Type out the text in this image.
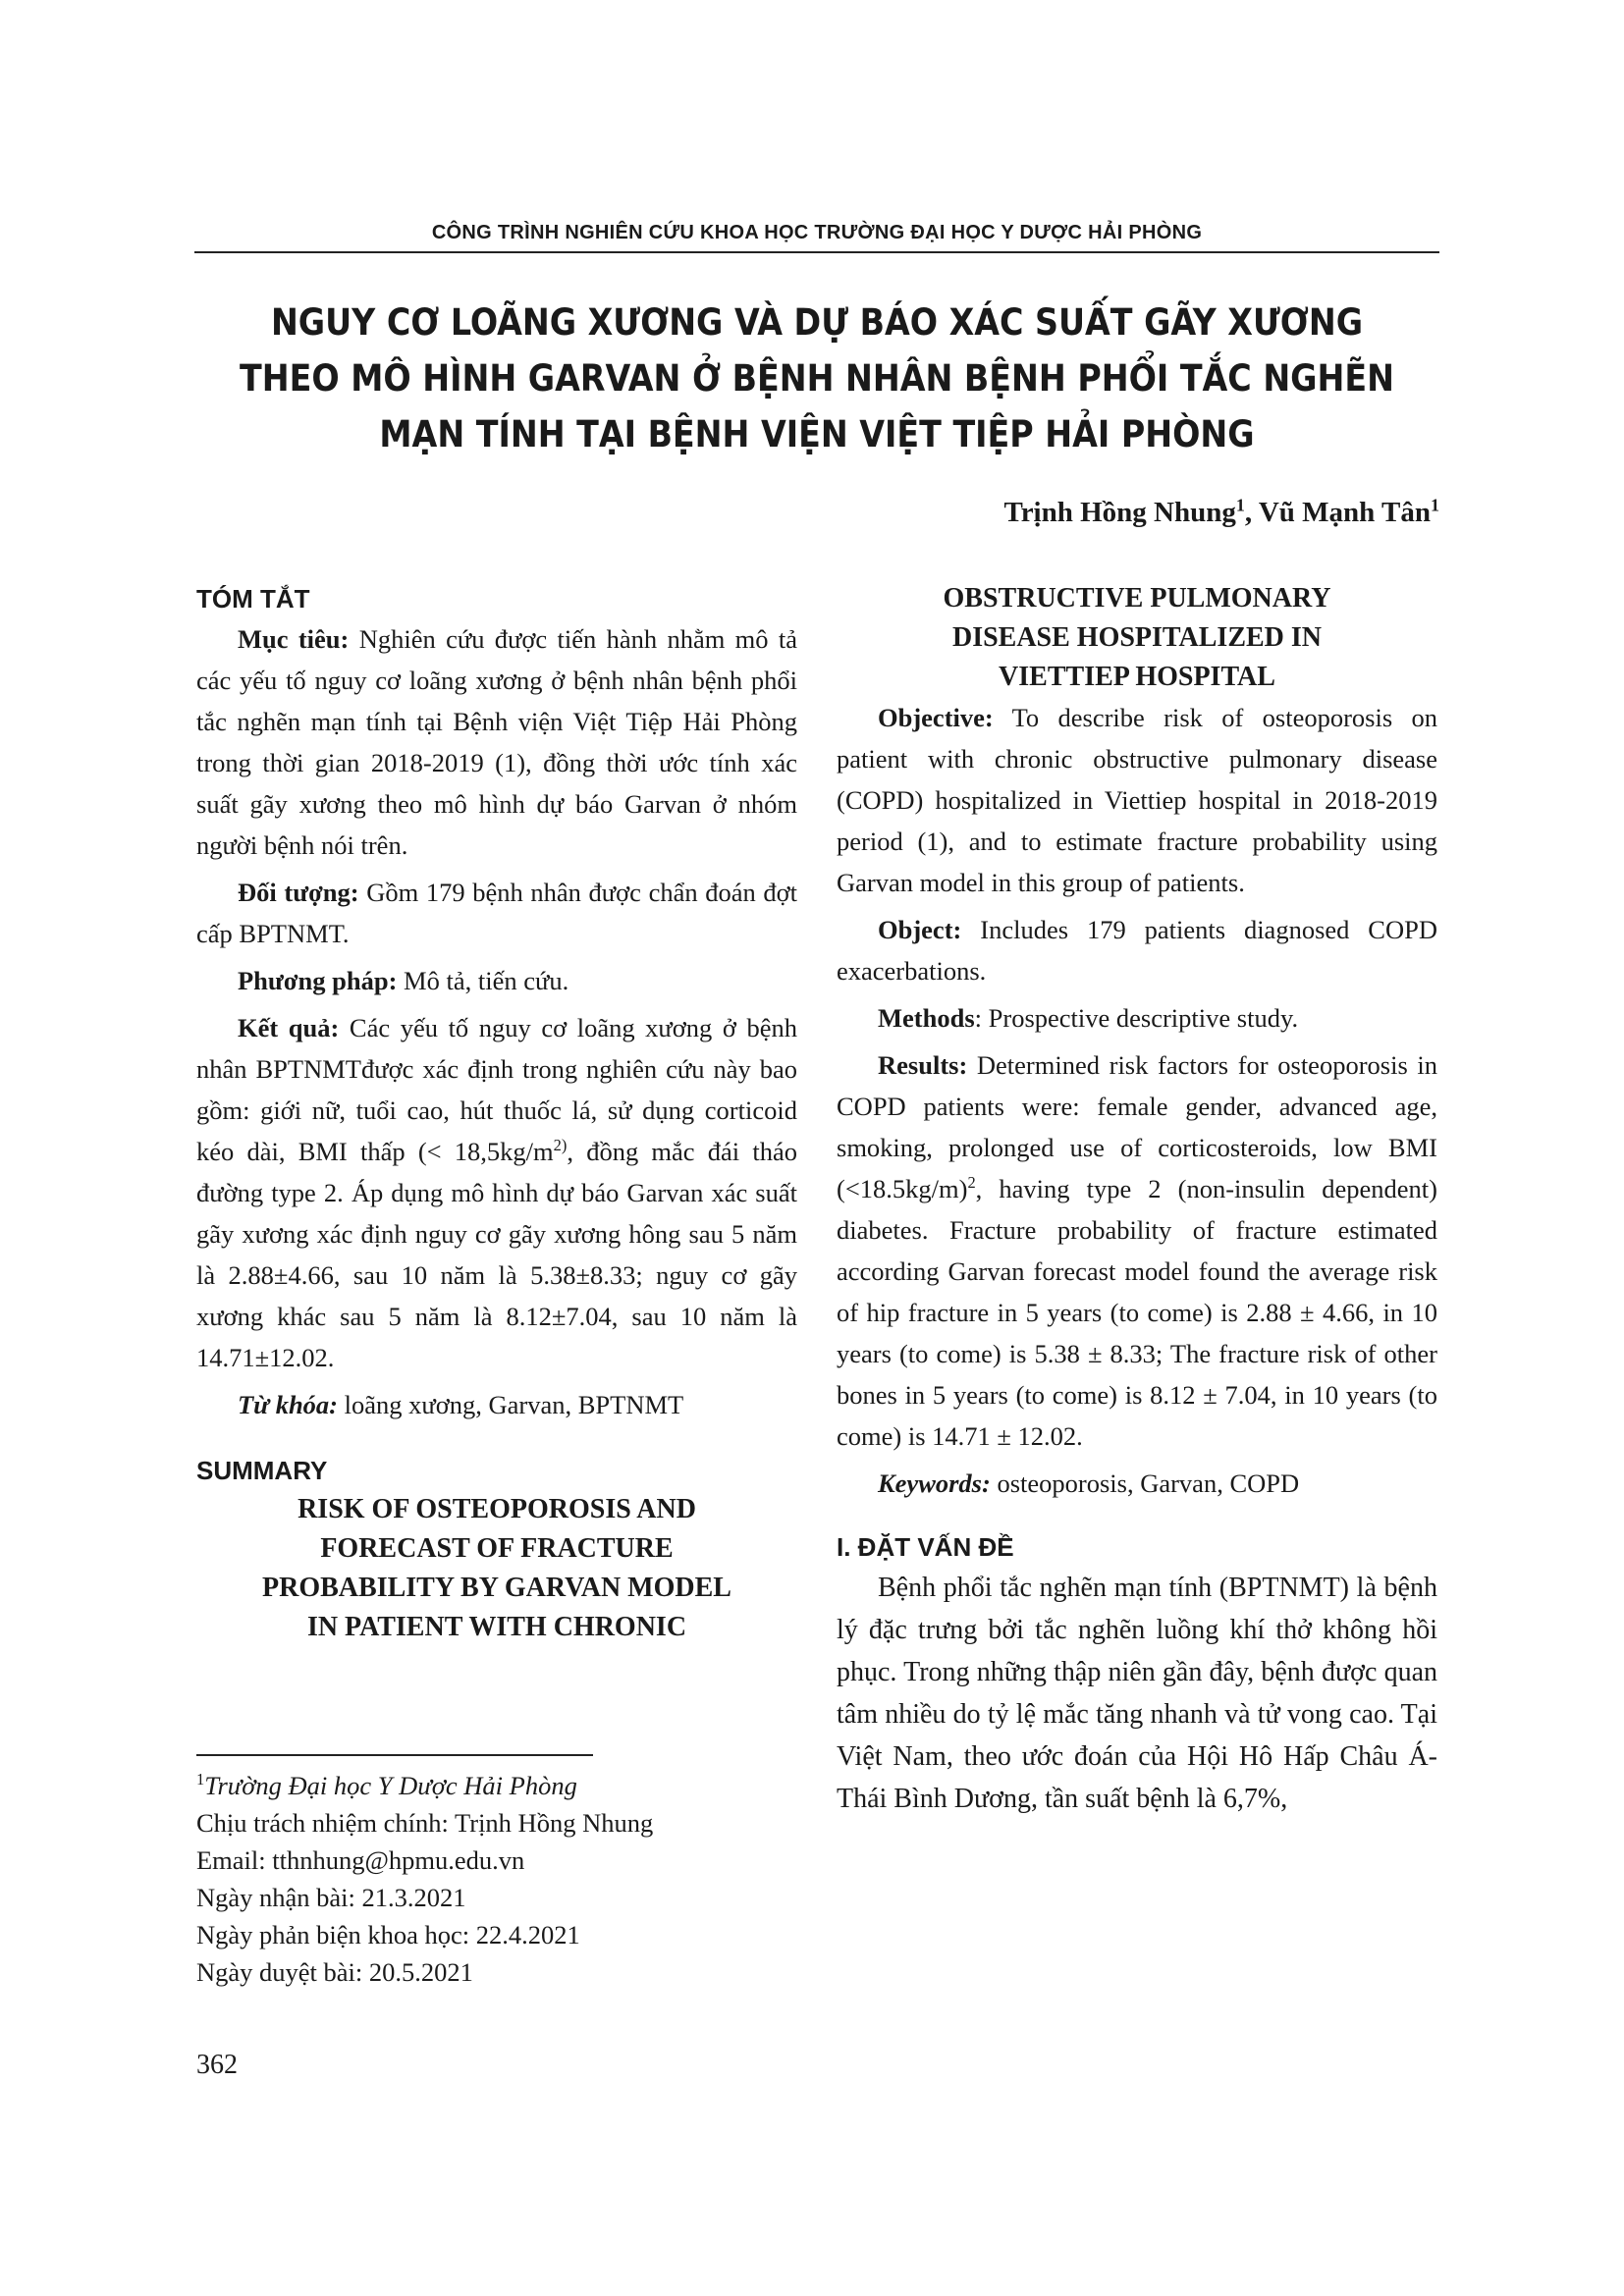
CÔNG TRÌNH NGHIÊN CỨU KHOA HỌC TRƯỜNG ĐẠI HỌC Y DƯỢC HẢI PHÒNG
NGUY CƠ LOÃNG XƯƠNG VÀ DỰ BÁO XÁC SUẤT GÃY XƯƠNG
THEO MÔ HÌNH GARVAN Ở BỆNH NHÂN BỆNH PHỔI TẮC NGHẼN
MẠN TÍNH TẠI BỆNH VIỆN VIỆT TIỆP HẢI PHÒNG
Trịnh Hồng Nhung$^1$, Vũ Mạnh Tân$^1$

TÓM TẮT

Mục tiêu: Nghiên cứu được tiến hành nhằm mô tả các yếu tố nguy cơ loãng xương ở bệnh nhân bệnh phổi tắc nghẽn mạn tính tại Bệnh viện Việt Tiệp Hải Phòng trong thời gian 2018-2019 (1), đồng thời ước tính xác suất gãy xương theo mô hình dự báo Garvan ở nhóm người bệnh nói trên.

Đối tượng: Gồm 179 bệnh nhân được chẩn đoán đợt cấp BPTNMT.

Phương pháp: Mô tả, tiến cứu.

Kết quả: Các yếu tố nguy cơ loãng xương ở bệnh nhân BPTNMTđược xác định trong nghiên cứu này bao gồm: giới nữ, tuổi cao, hút thuốc lá, sử dụng corticoid kéo dài, BMI thấp (< $18,5kg/m^{2)}$, đồng mắc đái tháo đường type 2. Áp dụng mô hình dự báo Garvan xác suất gãy xương xác định nguy cơ gãy xương hông sau 5 năm là 2.88±4.66, sau 10 năm là 5.38±8.33; nguy cơ gãy xương khác sau 5 năm là 8.12±7.04, sau 10 năm là 14.71±12.02.

Từ khóa: loãng xương, Garvan, BPTNMT

SUMMARY

RISK OF OSTEOPOROSIS AND

FORECAST OF FRACTURE

PROBABILITY BY GARVAN MODEL

IN PATIENT WITH CHRONIC

$^1$Trường Đại học Y Dược Hải Phòng
Chịu trách nhiệm chính: Trịnh Hồng Nhung
Email: tthnhung@hpmu.edu.vn
Ngày nhận bài: 21.3.2021
Ngày phản biện khoa học: 22.4.2021
Ngày duyệt bài: 20.5.2021

OBSTRUCTIVE PULMONARY

DISEASE HOSPITALIZED IN

VIETTIEP HOSPITAL

Objective: To describe risk of osteoporosis on patient with chronic obstructive pulmonary disease (COPD) hospitalized in Viettiep hospital in 2018-2019 period (1), and to estimate fracture probability using Garvan model in this group of patients.

Object: Includes 179 patients diagnosed COPD exacerbations.

Methods: Prospective descriptive study.

Results: Determined risk factors for osteoporosis in COPD patients were: female gender, advanced age, smoking, prolonged use of corticosteroids, low BMI (<18.5kg/m)$^2$, having type 2 (non-insulin dependent) diabetes. Fracture probability of fracture estimated according Garvan forecast model found the average risk of hip fracture in 5 years (to come) is 2.88 ± 4.66, in 10 years (to come) is 5.38 ± 8.33; The fracture risk of other bones in 5 years (to come) is 8.12 ± 7.04, in 10 years (to come) is 14.71 ± 12.02.

Keywords: osteoporosis, Garvan, COPD

I. ĐẶT VẤN ĐỀ

Bệnh phổi tắc nghẽn mạn tính (BPTNMT) là bệnh lý đặc trưng bởi tắc nghẽn luồng khí thở không hồi phục. Trong những thập niên gần đây, bệnh được quan tâm nhiều do tỷ lệ mắc tăng nhanh và tử vong cao. Tại Việt Nam, theo ước đoán của Hội Hô Hấp Châu Á-Thái Bình Dương, tần suất bệnh là 6,7%,

362
